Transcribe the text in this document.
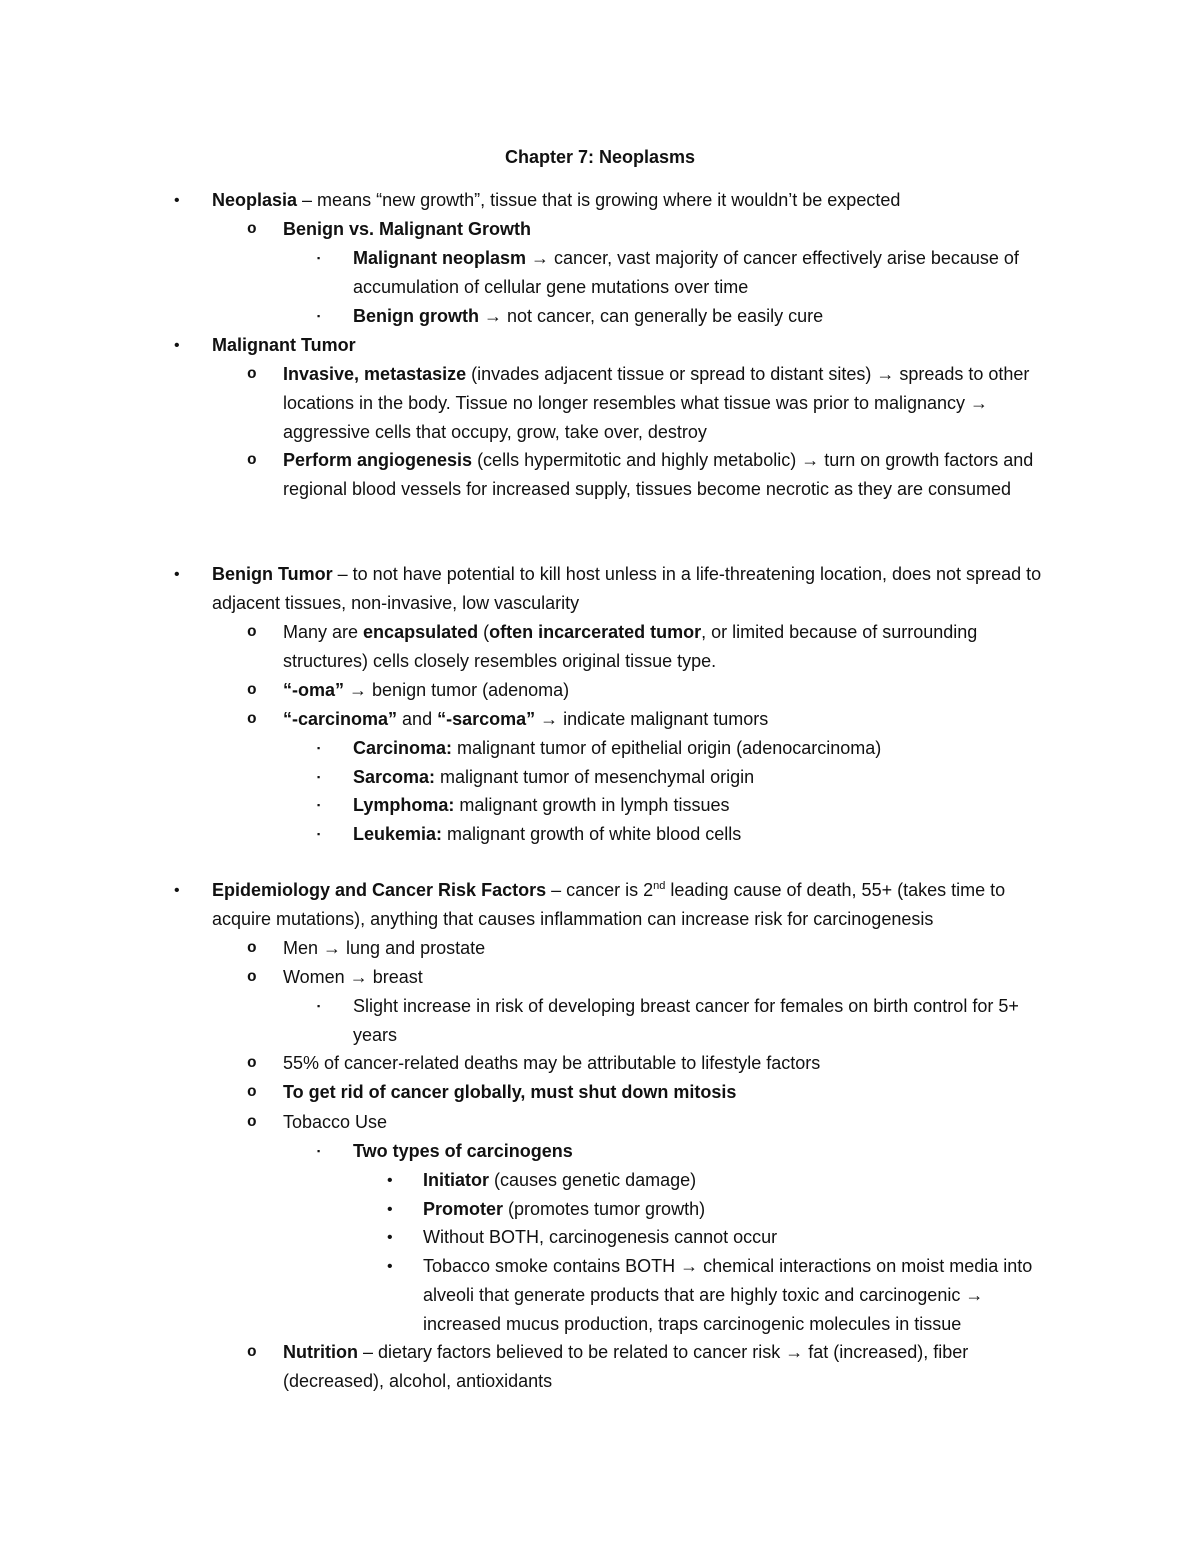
Chapter 7: Neoplasms
• Neoplasia – means “new growth”, tissue that is growing where it wouldn’t be expected
o Benign vs. Malignant Growth
▪ Malignant neoplasm → cancer, vast majority of cancer effectively arise because of accumulation of cellular gene mutations over time
▪ Benign growth → not cancer, can generally be easily cure
• Malignant Tumor
o Invasive, metastasize (invades adjacent tissue or spread to distant sites) → spreads to other locations in the body. Tissue no longer resembles what tissue was prior to malignancy → aggressive cells that occupy, grow, take over, destroy
o Perform angiogenesis (cells hypermitotic and highly metabolic) → turn on growth factors and regional blood vessels for increased supply, tissues become necrotic as they are consumed
• Benign Tumor – to not have potential to kill host unless in a life-threatening location, does not spread to adjacent tissues, non-invasive, low vascularity
o Many are encapsulated (often incarcerated tumor, or limited because of surrounding structures) cells closely resembles original tissue type.
o “-oma” → benign tumor (adenoma)
o “-carcinoma” and “-sarcoma” → indicate malignant tumors
▪ Carcinoma: malignant tumor of epithelial origin (adenocarcinoma)
▪ Sarcoma: malignant tumor of mesenchymal origin
▪ Lymphoma: malignant growth in lymph tissues
▪ Leukemia: malignant growth of white blood cells
• Epidemiology and Cancer Risk Factors – cancer is 2nd leading cause of death, 55+ (takes time to acquire mutations), anything that causes inflammation can increase risk for carcinogenesis
o Men → lung and prostate
o Women → breast
▪ Slight increase in risk of developing breast cancer for females on birth control for 5+ years
o 55% of cancer-related deaths may be attributable to lifestyle factors
o To get rid of cancer globally, must shut down mitosis
o Tobacco Use
▪ Two types of carcinogens
• Initiator (causes genetic damage)
• Promoter (promotes tumor growth)
• Without BOTH, carcinogenesis cannot occur
• Tobacco smoke contains BOTH → chemical interactions on moist media into alveoli that generate products that are highly toxic and carcinogenic → increased mucus production, traps carcinogenic molecules in tissue
o Nutrition – dietary factors believed to be related to cancer risk → fat (increased), fiber (decreased), alcohol, antioxidants
